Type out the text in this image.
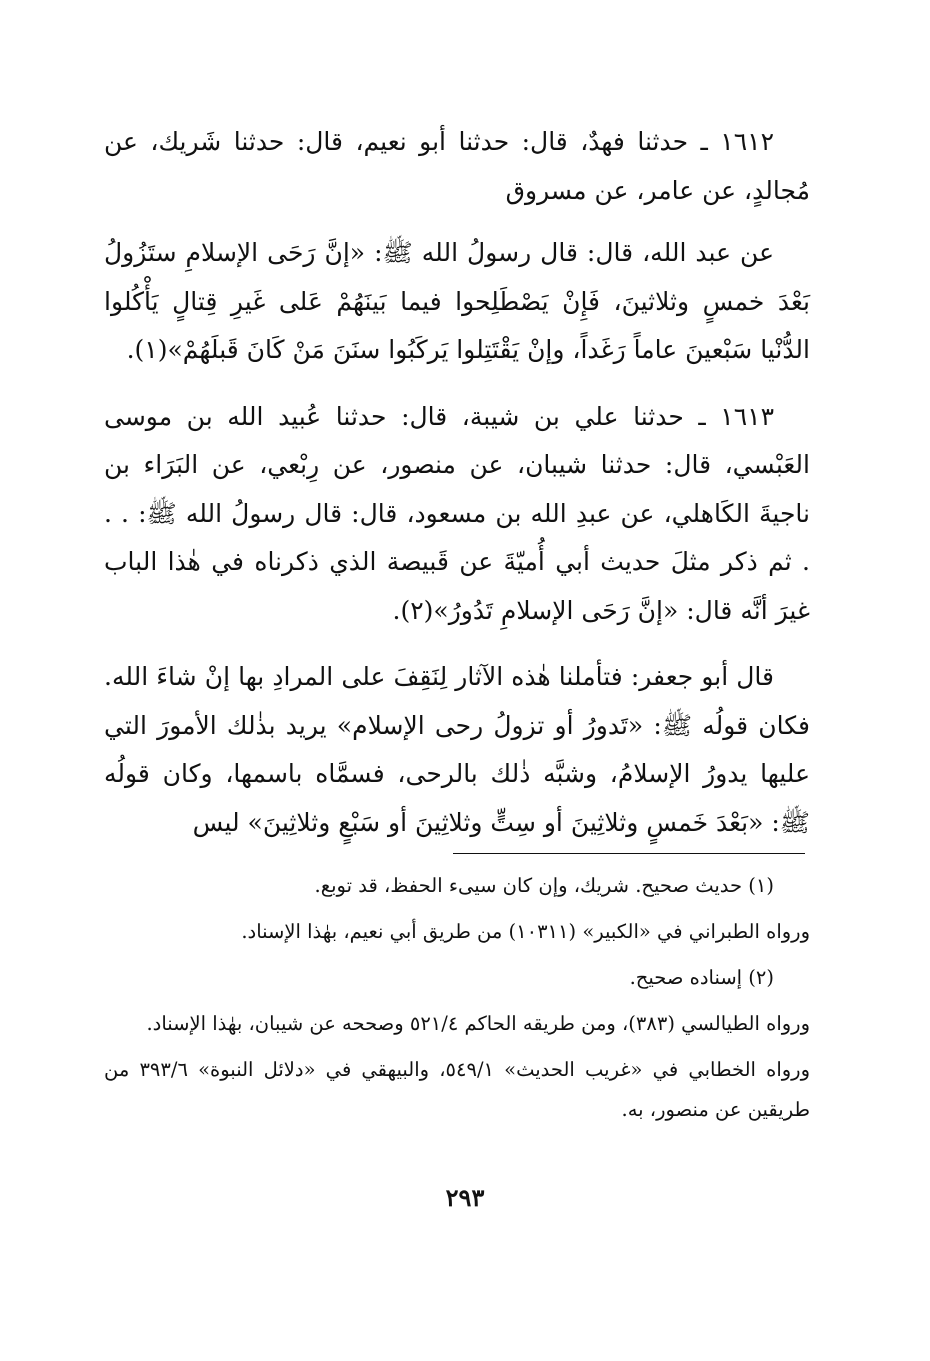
١٦١٢ ـ حدثنا فهدٌ، قال: حدثنا أبو نعيم، قال: حدثنا شَريك، عن مُجالدٍ، عن عامر، عن مسروق

عن عبد الله، قال: قال رسولُ الله ﷺ: «إنَّ رَحَى الإسلامِ ستَزُولُ بَعْدَ خمسٍ وثلاثينَ، فَإِنْ يَصْطَلِحوا فيما بَينَهُمْ عَلى غَيرِ قِتالٍ يَأْكُلوا الدُّنْيا سَبْعينَ عاماً رَغَداً، وإنْ يَقْتَتِلوا يَركَبُوا سنَنَ مَنْ كَانَ قَبلَهُمْ»(١).

١٦١٣ ـ حدثنا علي بن شيبة، قال: حدثنا عُبيد الله بن موسى العَبْسي، قال: حدثنا شيبان، عن منصور، عن رِبْعي، عن البَرَاء بن ناجيةَ الكَاهلي، عن عبدِ الله بن مسعود، قال: قال رسولُ الله ﷺ: . . . ثم ذكر مثلَ حديث أبي أُميّةَ عن قَبيصة الذي ذكرناه في هٰذا الباب غيرَ أنَّه قال: «إنَّ رَحَى الإسلامِ تَدُورُ»(٢).

قال أبو جعفر: فتأملنا هٰذه الآثار لِنَقِفَ على المرادِ بها إنْ شاءَ الله. فكان قولُه ﷺ: «تَدورُ أو تزولُ رحى الإسلام» يريد بذٰلك الأمورَ التي عليها يدورُ الإسلامُ، وشبَّه ذٰلك بالرحى، فسمَّاه باسمها، وكان قولُه ﷺ: «بَعْدَ خَمسٍ وثلاثِينَ أو سِتٍّ وثلاثِينَ أو سَبْعٍ وثلاثِينَ» ليس

(١) حديث صحيح. شريك، وإن كان سيىء الحفظ، قد توبع.

ورواه الطبراني في «الكبير» (١٠٣١١) من طريق أبي نعيم، بهٰذا الإسناد.

(٢) إسناده صحيح.

ورواه الطيالسي (٣٨٣)، ومن طريقه الحاكم ٥٢١/٤ وصححه عن شيبان، بهٰذا الإسناد.

ورواه الخطابي في «غريب الحديث» ٥٤٩/١، والبيهقي في «دلائل النبوة» ٣٩٣/٦ من طريقين عن منصور، به.

٢٩٣
